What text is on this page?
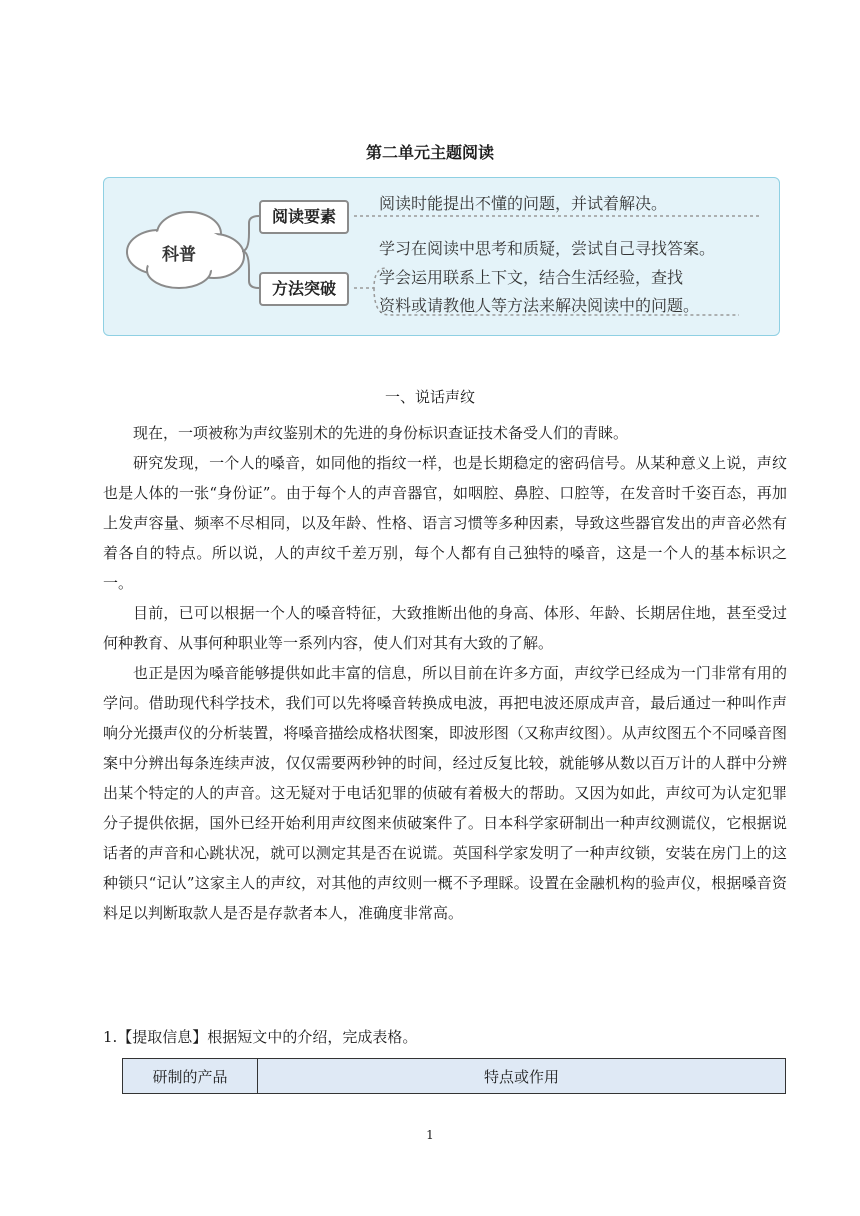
第二单元主题阅读
科普
阅读要素
方法突破
阅读时能提出不懂的问题，并试着解决。
学习在阅读中思考和质疑，尝试自己寻找答案。
学会运用联系上下文，结合生活经验，查找
资料或请教他人等方法来解决阅读中的问题。
一、说话声纹

现在，一项被称为声纹鉴别术的先进的身份标识查证技术备受人们的青睐。

研究发现，一个人的嗓音，如同他的指纹一样，也是长期稳定的密码信号。从某种意义上说，声纹也是人体的一张“身份证”。由于每个人的声音器官，如咽腔、鼻腔、口腔等，在发音时千姿百态，再加上发声容量、频率不尽相同，以及年龄、性格、语言习惯等多种因素，导致这些器官发出的声音必然有着各自的特点。所以说，人的声纹千差万别，每个人都有自己独特的嗓音，这是一个人的基本标识之一。

目前，已可以根据一个人的嗓音特征，大致推断出他的身高、体形、年龄、长期居住地，甚至受过何种教育、从事何种职业等一系列内容，使人们对其有大致的了解。

也正是因为嗓音能够提供如此丰富的信息，所以目前在许多方面，声纹学已经成为一门非常有用的学问。借助现代科学技术，我们可以先将嗓音转换成电波，再把电波还原成声音，最后通过一种叫作声响分光摄声仪的分析装置，将嗓音描绘成格状图案，即波形图（又称声纹图）。从声纹图五个不同嗓音图案中分辨出每条连续声波，仅仅需要两秒钟的时间，经过反复比较，就能够从数以百万计的人群中分辨出某个特定的人的声音。这无疑对于电话犯罪的侦破有着极大的帮助。又因为如此，声纹可为认定犯罪分子提供依据，国外已经开始利用声纹图来侦破案件了。日本科学家研制出一种声纹测谎仪，它根据说话者的声音和心跳状况，就可以测定其是否在说谎。英国科学家发明了一种声纹锁，安装在房门上的这种锁只“记认”这家主人的声纹，对其他的声纹则一概不予理睬。设置在金融机构的验声仪，根据嗓音资料足以判断取款人是否是存款者本人，准确度非常高。

1.【提取信息】根据短文中的介绍，完成表格。
研制的产品	特点或作用
1
